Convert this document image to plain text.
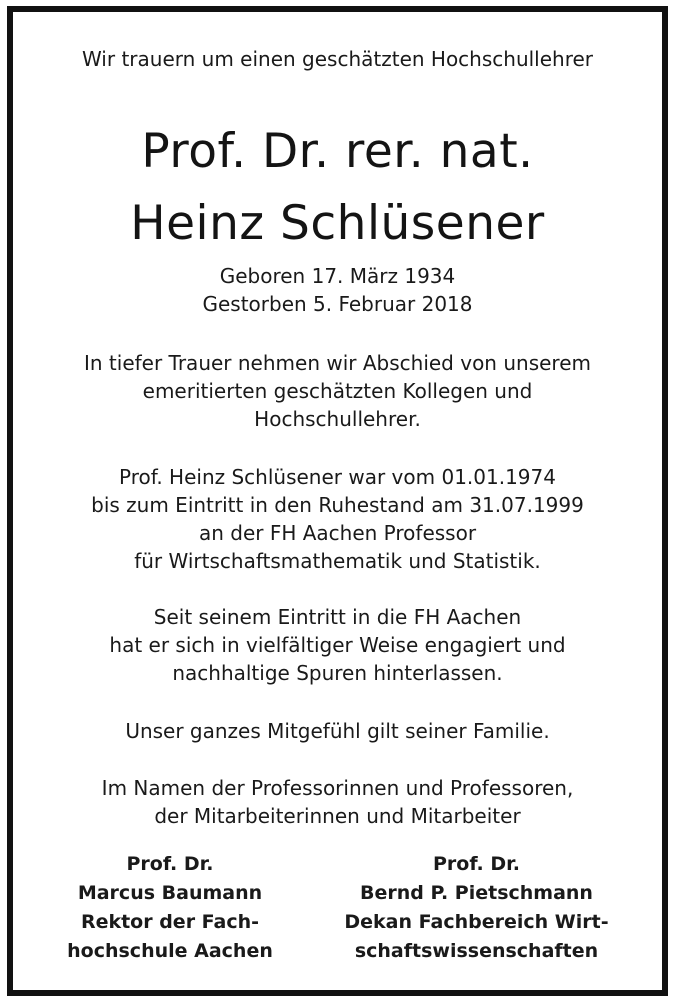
Wir trauern um einen geschätzten Hochschullehrer
Prof. Dr. rer. nat.
Heinz Schlüsener
Geboren 17. März 1934
Gestorben 5. Februar 2018
In tiefer Trauer nehmen wir Abschied von unserem
emeritierten geschätzten Kollegen und
Hochschullehrer.
Prof. Heinz Schlüsener war vom 01.01.1974
bis zum Eintritt in den Ruhestand am 31.07.1999
an der FH Aachen Professor
für Wirtschaftsmathematik und Statistik.
Seit seinem Eintritt in die FH Aachen
hat er sich in vielfältiger Weise engagiert und
nachhaltige Spuren hinterlassen.
Unser ganzes Mitgefühl gilt seiner Familie.
Im Namen der Professorinnen und Professoren,
der Mitarbeiterinnen und Mitarbeiter
Prof. Dr.
Marcus Baumann
Rektor der Fach-
hochschule Aachen
Prof. Dr.
Bernd P. Pietschmann
Dekan Fachbereich Wirt-
schaftswissenschaften
